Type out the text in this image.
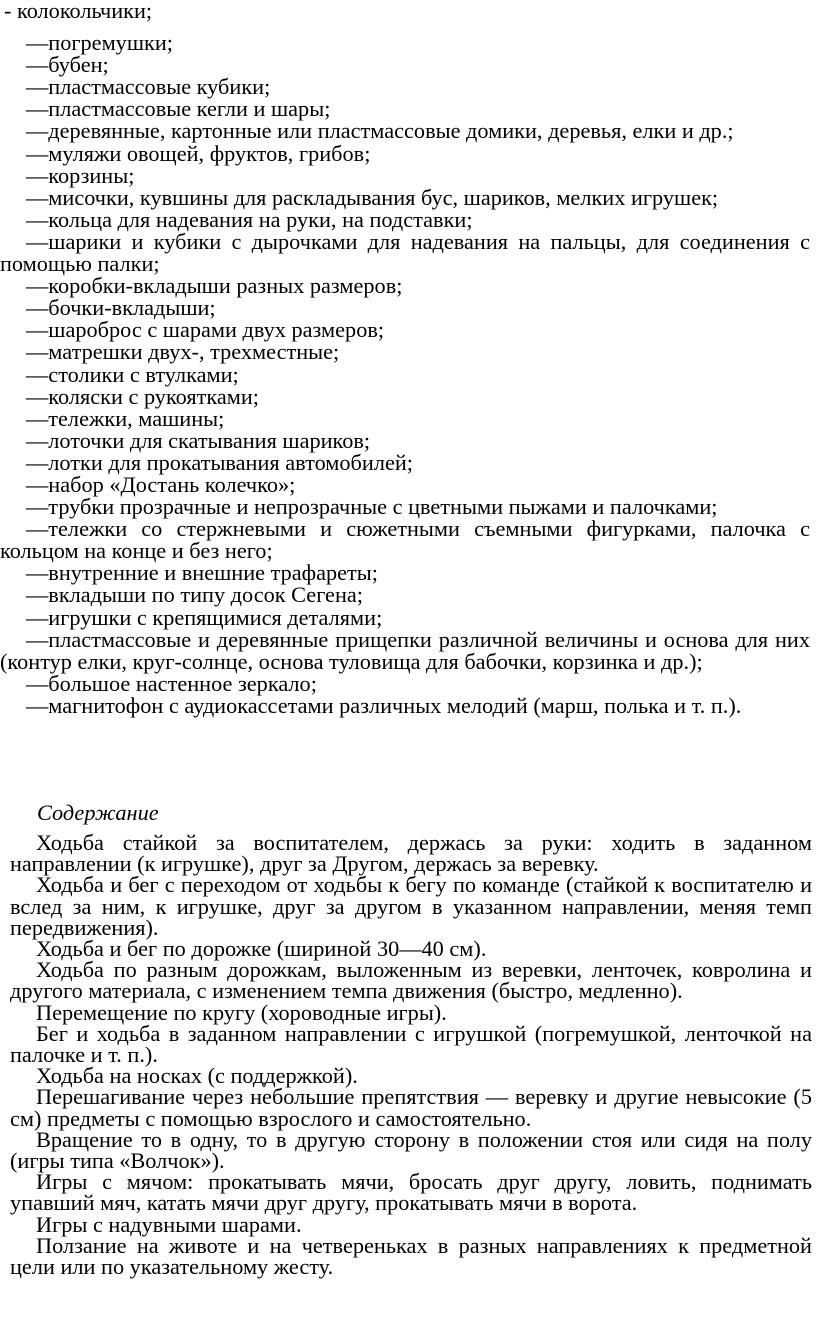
- колокольчики;
—погремушки;
—бубен;
—пластмассовые кубики;
—пластмассовые кегли и шары;
—деревянные, картонные или пластмассовые домики, деревья, елки и др.;
—муляжи овощей, фруктов, грибов;
—корзины;
—мисочки, кувшины для раскладывания бус, шариков, мелких игрушек;
—кольца для надевания на руки, на подставки;
—шарики и кубики с дырочками для надевания на пальцы, для соединения с помощью палки;
—коробки-вкладыши разных размеров;
—бочки-вкладыши;
—шароброс с шарами двух размеров;
—матрешки двух-, трехместные;
—столики с втулками;
—коляски с рукоятками;
—тележки, машины;
—лоточки для скатывания шариков;
—лотки для прокатывания автомобилей;
—набор «Достань колечко»;
—трубки прозрачные и непрозрачные с цветными пыжами и палочками;
—тележки со стержневыми и сюжетными съемными фигурками, палочка с кольцом на конце и без него;
—внутренние и внешние трафареты;
—вкладыши по типу досок Сегена;
—игрушки с крепящимися деталями;
—пластмассовые и деревянные прищепки различной величины и основа для них (контур елки, круг-солнце, основа туловища для бабочки, корзинка и др.);
—большое настенное зеркало;
—магнитофон с аудиокассетами различных мелодий (марш, полька и т. п.).

Содержание

Ходьба стайкой за воспитателем, держась за руки: ходить в заданном направлении (к игрушке), друг за Другом, держась за веревку.

Ходьба и бег с переходом от ходьбы к бегу по команде (стайкой к воспитателю и вслед за ним, к игрушке, друг за другом в указанном направлении, меняя темп передвижения).

Ходьба и бег по дорожке (шириной 30—40 см).

Ходьба по разным дорожкам, выложенным из веревки, ленточек, ковролина и другого материала, с изменением темпа движения (быстро, медленно).

Перемещение по кругу (хороводные игры).

Бег и ходьба в заданном направлении с игрушкой (погремушкой, ленточкой на палочке и т. п.).

Ходьба на носках (с поддержкой).

Перешагивание через небольшие препятствия — веревку и другие невысокие (5 см) предметы с помощью взрослого и самостоятельно.

Вращение то в одну, то в другую сторону в положении стоя или сидя на полу (игры типа «Волчок»).

Игры с мячом: прокатывать мячи, бросать друг другу, ловить, поднимать упавший мяч, катать мячи друг другу, прокатывать мячи в ворота.

Игры с надувными шарами.

Ползание на животе и на четвереньках в разных направлениях к предметной цели или по указательному жесту.
